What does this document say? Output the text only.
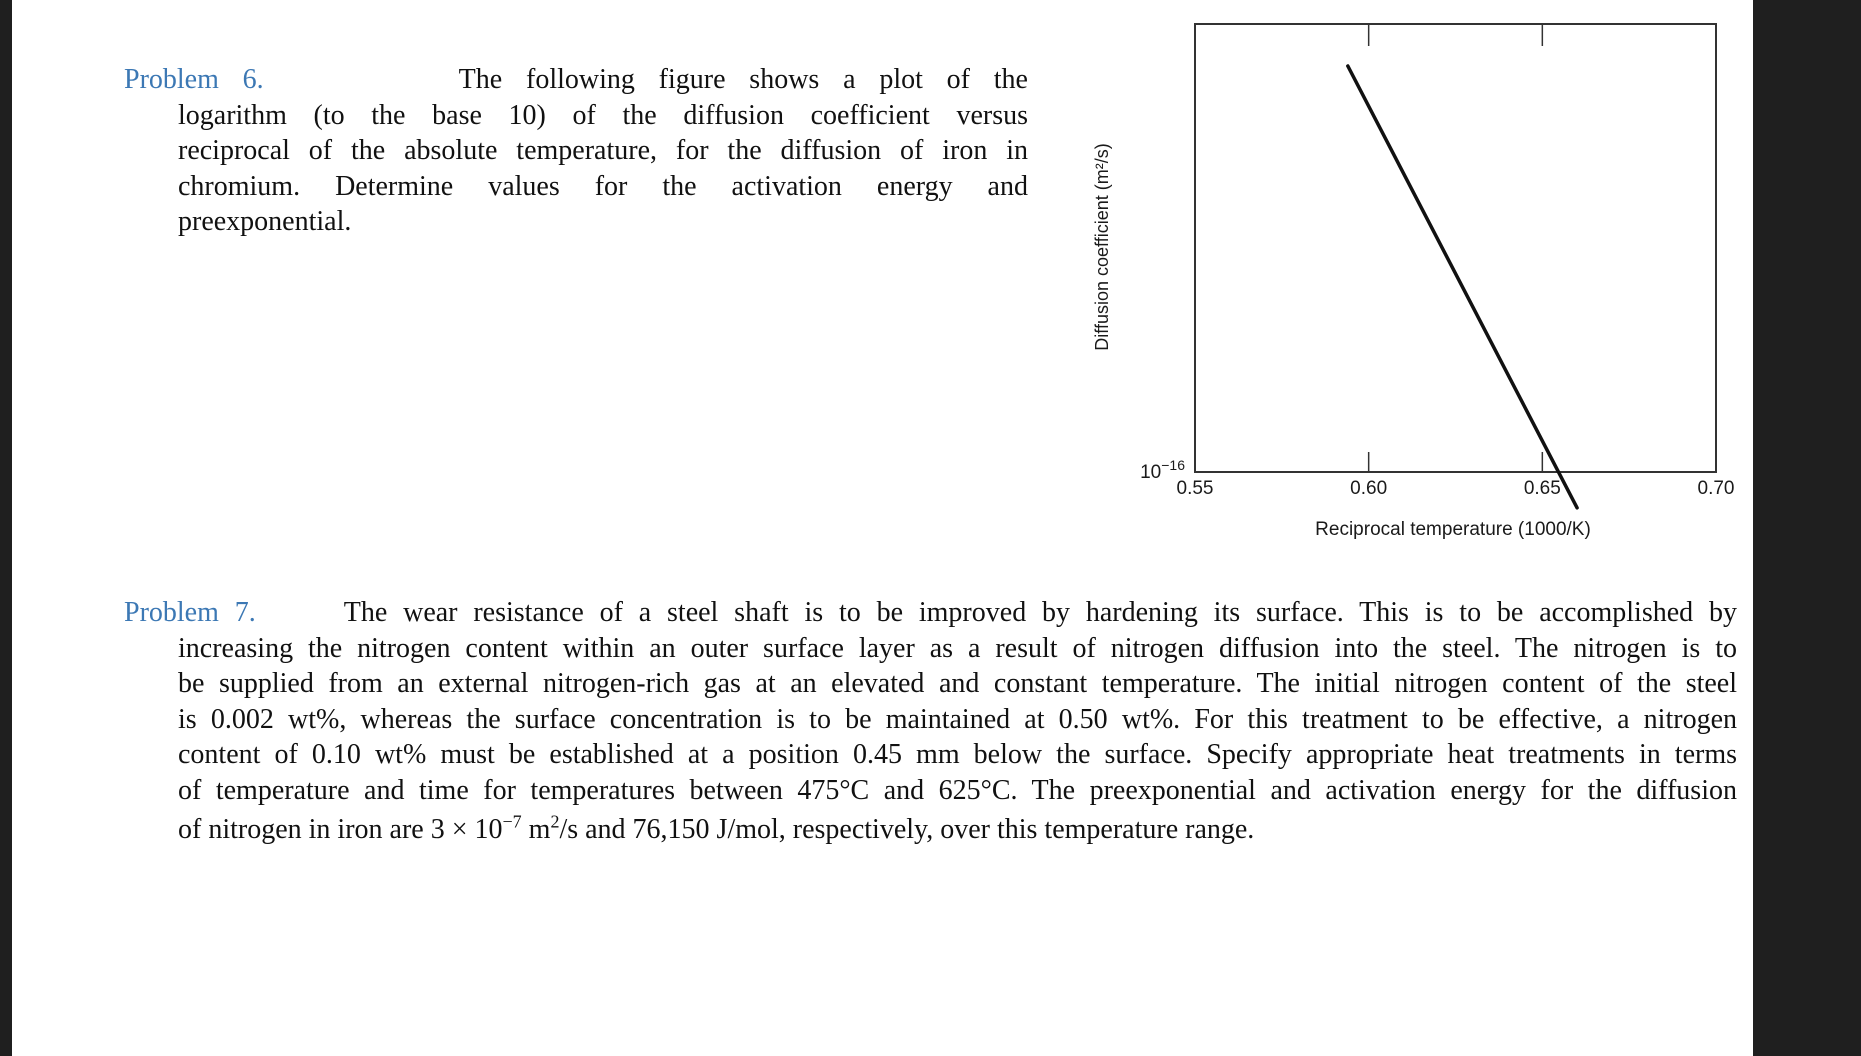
Problem 6.	The following figure shows a plot of the
logarithm (to the base 10) of the diffusion coefficient versus
reciprocal of the absolute temperature, for the diffusion of iron in
chromium. Determine values for the activation energy and
preexponential.
0.55	0.60	0.65	0.70
$10^{-16}$
Reciprocal temperature (1000/K)
Diffusion coefficient (m²/s)
Problem 7.	The wear resistance of a steel shaft is to be improved by hardening its surface. This is to be accomplished by
increasing the nitrogen content within an outer surface layer as a result of nitrogen diffusion into the steel. The nitrogen is to
be supplied from an external nitrogen-rich gas at an elevated and constant temperature. The initial nitrogen content of the steel
is 0.002 wt%, whereas the surface concentration is to be maintained at 0.50 wt%. For this treatment to be effective, a nitrogen
content of 0.10 wt% must be established at a position 0.45 mm below the surface. Specify appropriate heat treatments in terms
of temperature and time for temperatures between 475°C and 625°C. The preexponential and activation energy for the diffusion
of nitrogen in iron are $3 \times 10^{-7}$ $m^2/s$ and 76,150 J/mol, respectively, over this temperature range.
